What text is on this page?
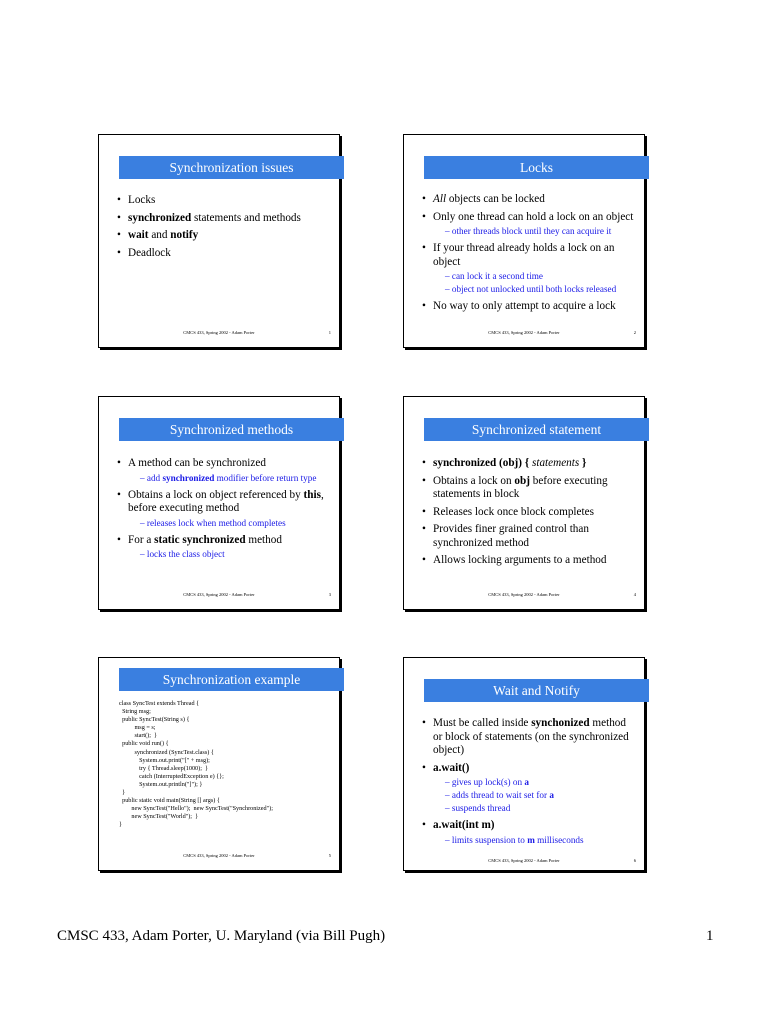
Synchronization issues
• Locks
• synchronized statements and methods
• wait and notify
• Deadlock
CMCS 433, Spring 2002 - Adam Porter	1
Locks
• All objects can be locked
• Only one thread can hold a lock on an object
– other threads block until they can acquire it
• If your thread already holds a lock on an object
– can lock it a second time
– object not unlocked until both locks released
• No way to only attempt to acquire a lock
CMCS 433, Spring 2002 - Adam Porter	2
Synchronized methods
• A method can be synchronized
– add synchronized modifier before return type
• Obtains a lock on object referenced by this, before executing method
– releases lock when method completes
• For a static synchronized method
– locks the class object
CMCS 433, Spring 2002 - Adam Porter	3
Synchronized statement
• synchronized (obj) { statements }
• Obtains a lock on obj before executing statements in block
• Releases lock once block completes
• Provides finer grained control than synchronized method
• Allows locking arguments to a method
CMCS 433, Spring 2002 - Adam Porter	4
Synchronization example
class SyncTest extends Thread {
String msg;
public SyncTest(String s) {
msg = s;
start();  }
public void run() {
synchronized (SyncTest.class) {
System.out.print("[" + msg);
try { Thread.sleep(1000);  }
catch (InterruptedException e) {};
System.out.println("]"); }
}
public static void main(String [] args) {
new SyncTest("Hello");  new SyncTest("Synchronized");
new SyncTest("World");  }
}
CMCS 433, Spring 2002 - Adam Porter	5
Wait and Notify
• Must be called inside synchonized method or block of statements (on the synchronized object)
• a.wait()
– gives up lock(s) on a
– adds thread to wait set for a
– suspends thread
• a.wait(int m)
– limits suspension to m milliseconds
CMCS 433, Spring 2002 - Adam Porter	6
CMSC 433, Adam Porter, U. Maryland (via Bill Pugh)	1
